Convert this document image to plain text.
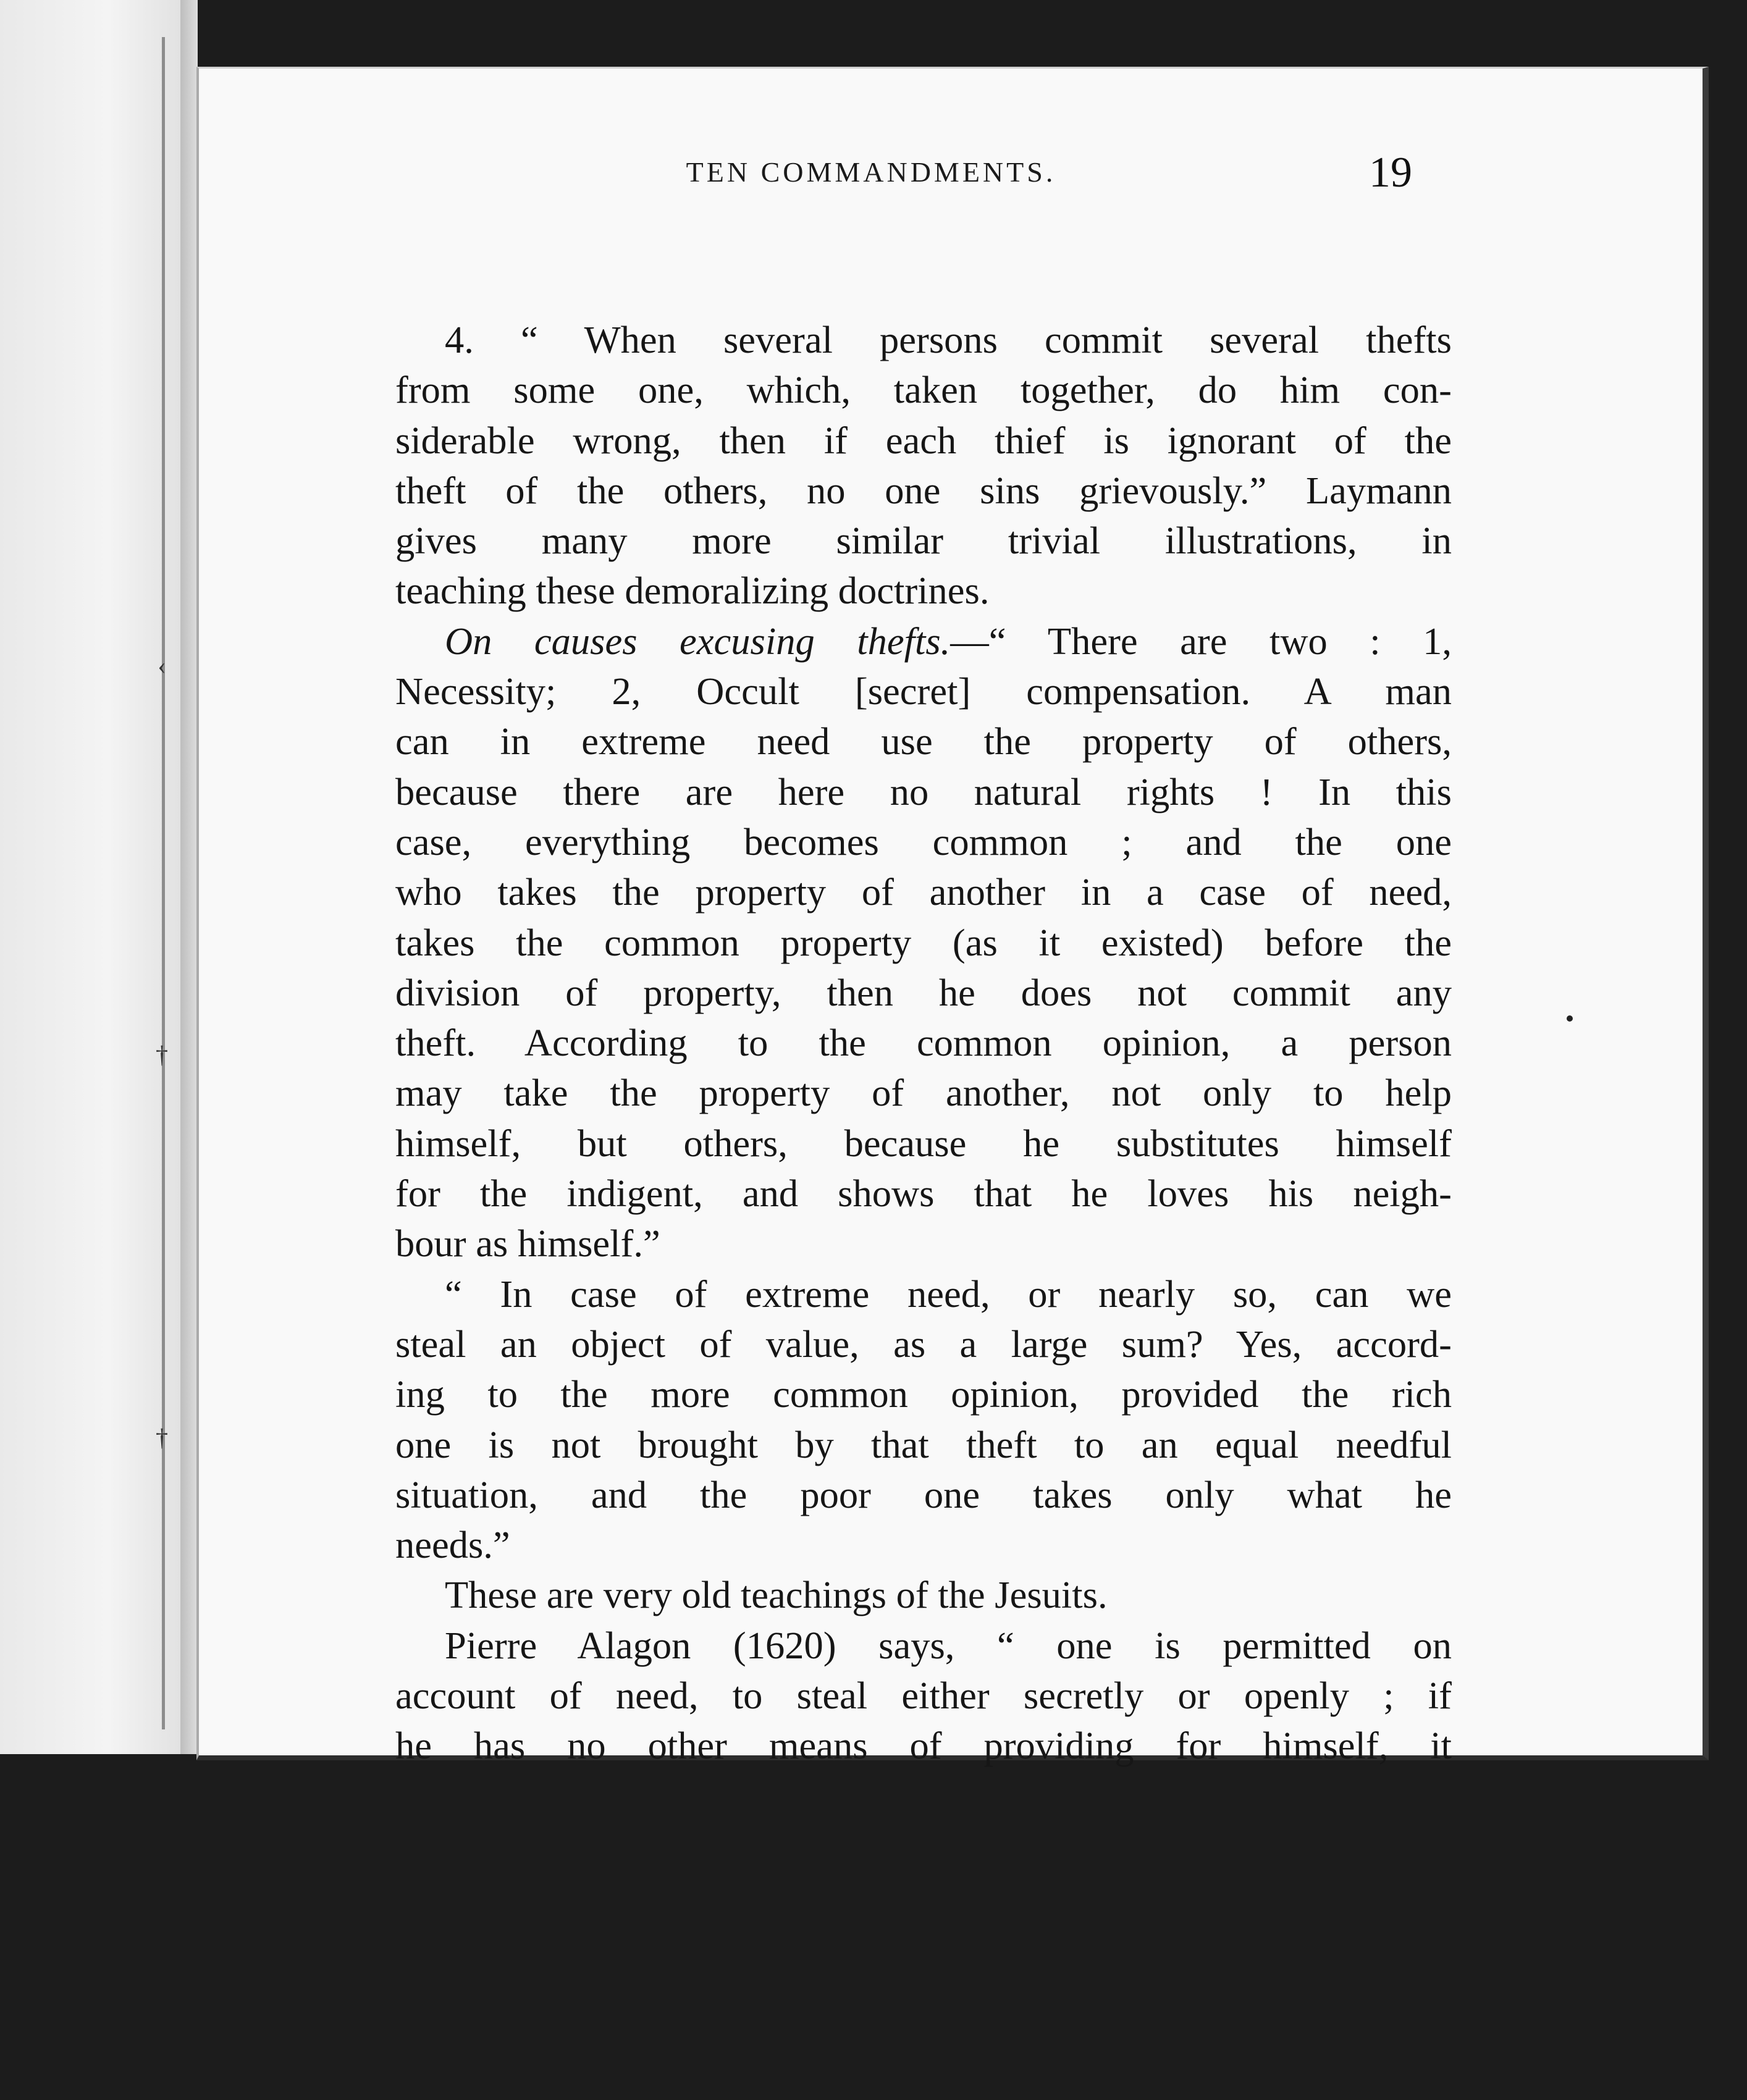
‹
†
†
TEN COMMANDMENTS.	19
4. “ When several persons commit several thefts
from some one, which, taken together, do him con-
siderable wrong, then if each thief is ignorant of the
theft of the others, no one sins grievously.” Laymann
gives many more similar trivial illustrations, in
teaching these demoralizing doctrines.
On causes excusing thefts.—“ There are two : 1,
Necessity; 2, Occult [secret] compensation. A man
can in extreme need use the property of others,
because there are here no natural rights ! In this
case, everything becomes common ; and the one
who takes the property of another in a case of need,
takes the common property (as it existed) before the
division of property, then he does not commit any
theft. According to the common opinion, a person
may take the property of another, not only to help
himself, but others, because he substitutes himself
for the indigent, and shows that he loves his neigh-
bour as himself.”
“ In case of extreme need, or nearly so, can we
steal an object of value, as a large sum? Yes, accord-
ing to the more common opinion, provided the rich
one is not brought by that theft to an equal needful
situation, and the poor one takes only what he
needs.”
These are very old teachings of the Jesuits.
Pierre Alagon (1620) says, “ one is permitted on
account of need, to steal either secretly or openly ; if
he has no other means of providing for himself, it
